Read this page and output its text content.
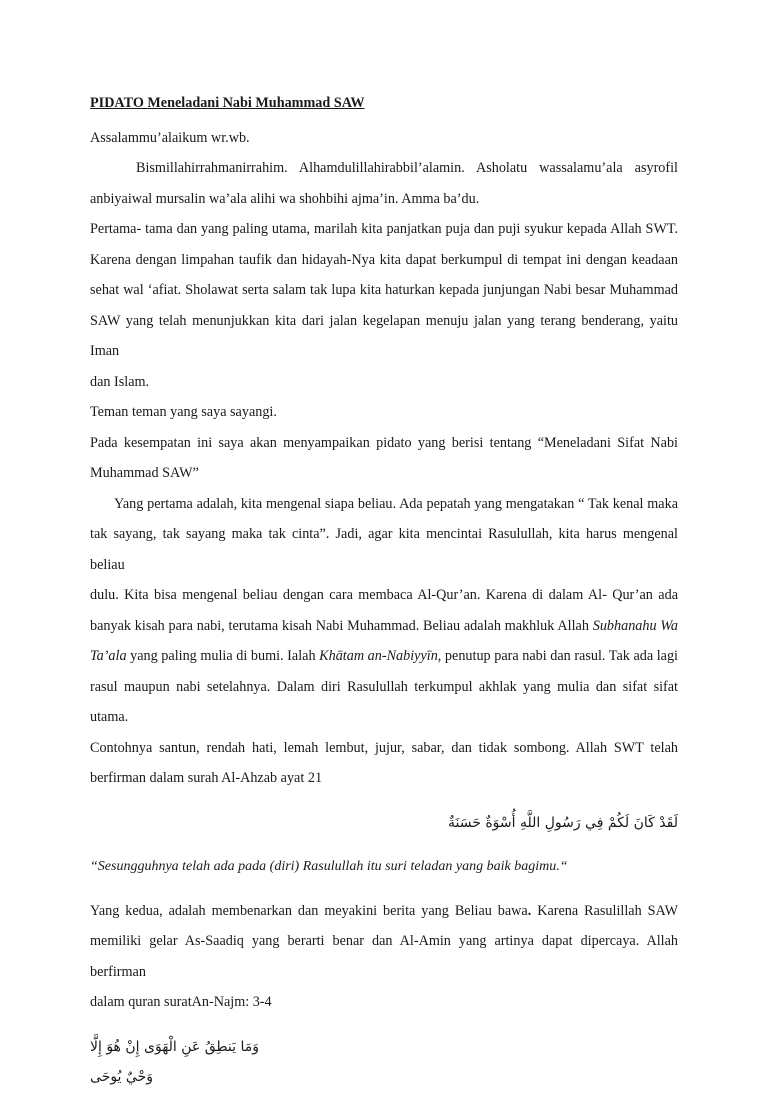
PIDATO Meneladani Nabi Muhammad SAW

Assalammu’alaikum wr.wb.

Bismillahirrahmanirrahim. Alhamdulillahirabbil’alamin. Asholatu wassalamu’ala asyrofil

anbiyaiwal mursalin wa’ala alihi wa shohbihi ajma’in. Amma ba’du.

Pertama- tama dan yang paling utama, marilah kita panjatkan puja dan puji syukur kepada Allah SWT.

Karena dengan limpahan taufik dan hidayah-Nya kita dapat berkumpul di tempat ini dengan keadaan

sehat wal ‘afiat. Sholawat serta salam tak lupa kita haturkan kepada junjungan Nabi besar Muhammad

SAW yang telah menunjukkan kita dari jalan kegelapan menuju jalan yang terang benderang, yaitu Iman

dan Islam.

Teman teman yang saya sayangi.

Pada kesempatan ini saya akan menyampaikan pidato yang berisi tentang “Meneladani Sifat Nabi

Muhammad SAW”

Yang pertama adalah, kita mengenal siapa beliau. Ada pepatah yang mengatakan “ Tak kenal maka

tak sayang, tak sayang maka tak cinta”. Jadi, agar kita mencintai Rasulullah, kita harus mengenal beliau

dulu. Kita bisa mengenal beliau dengan cara membaca Al-Qur’an. Karena di dalam Al- Qur’an ada

banyak kisah para nabi, terutama kisah Nabi Muhammad. Beliau adalah makhluk Allah Subhanahu Wa

Ta’ala yang paling mulia di bumi. Ialah Khātam an-Nabiyyīn, penutup para nabi dan rasul. Tak ada lagi

rasul maupun nabi setelahnya. Dalam diri Rasulullah terkumpul akhlak yang mulia dan sifat sifat utama.

Contohnya santun, rendah hati, lemah lembut, jujur, sabar, dan tidak sombong. Allah SWT telah

berfirman dalam surah Al-Ahzab ayat 21

لَقَدْ كَانَ لَكُمْ فِي رَسُولِ اللَّهِ أُسْوَةٌ حَسَنَةٌ

“Sesungguhnya telah ada pada (diri) Rasulullah itu suri teladan yang baik bagimu.“

Yang kedua, adalah membenarkan dan meyakini berita yang Beliau bawa. Karena Rasulillah SAW

memiliki gelar As-Saadiq yang berarti benar dan Al-Amin yang artinya dapat dipercaya. Allah berfirman

dalam quran suratAn-Najm: 3-4

وَمَا يَنطِقُ عَنِ الْهَوَى إِنْ هُوَ إِلَّا وَحْيٌ يُوحَى
